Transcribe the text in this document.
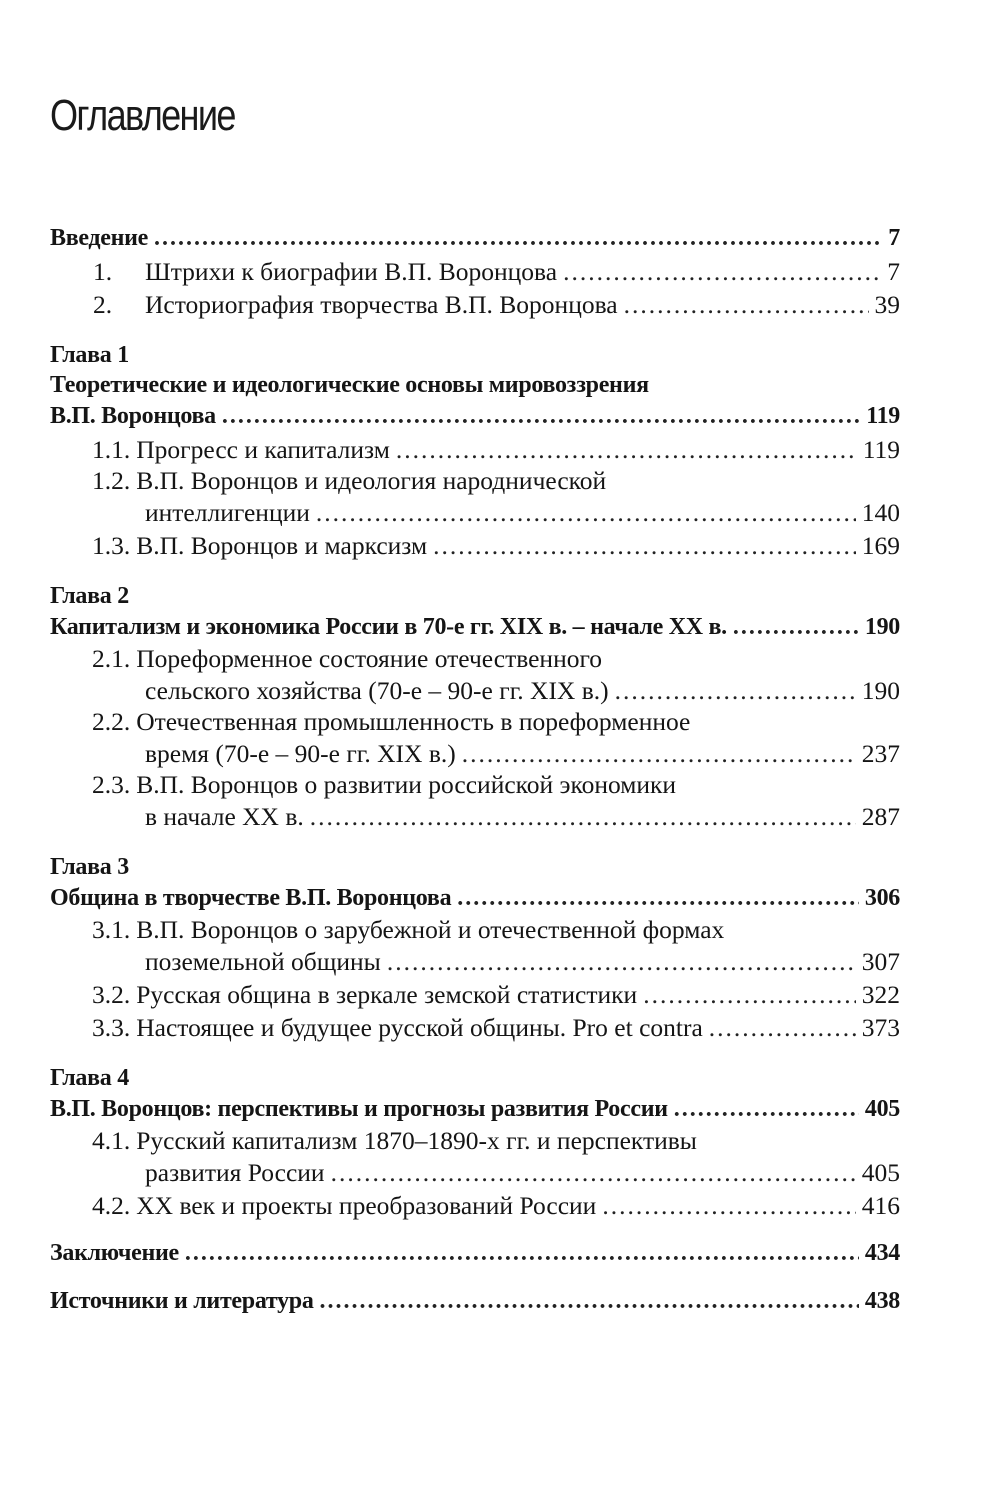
Оглавление
Введение .....	7
1.	Штрихи к биографии В.П. Воронцова .....	7
2.	Историография творчества В.П. Воронцова .....	39
Глава 1
Теоретические и идеологические основы мировоззрения
В.П. Воронцова .....	119
1.1. Прогресс и капитализм .....	119
1.2. В.П. Воронцов и идеология народнической
интеллигенции .....	140
1.3. В.П. Воронцов и марксизм .....	169
Глава 2
Капитализм и экономика России в 70-е гг. XIX в. – начале XX в. .....	190
2.1. Пореформенное состояние отечественного
сельского хозяйства (70-е – 90-е гг. XIX в.) .....	190
2.2. Отечественная промышленность в пореформенное
время (70-е – 90-е гг. XIX в.) .....	237
2.3. В.П. Воронцов о развитии российской экономики
в начале XX в. .....	287
Глава 3
Община в творчестве В.П. Воронцова .....	306
3.1. В.П. Воронцов о зарубежной и отечественной формах
поземельной общины .....	307
3.2. Русская община в зеркале земской статистики .....	322
3.3. Настоящее и будущее русской общины. Pro et contra .....	373
Глава 4
В.П. Воронцов: перспективы и прогнозы развития России .....	405
4.1. Русский капитализм 1870–1890-х гг. и перспективы
развития России .....	405
4.2. XX век и проекты преобразований России .....	416
Заключение .....	434
Источники и литература .....	438
